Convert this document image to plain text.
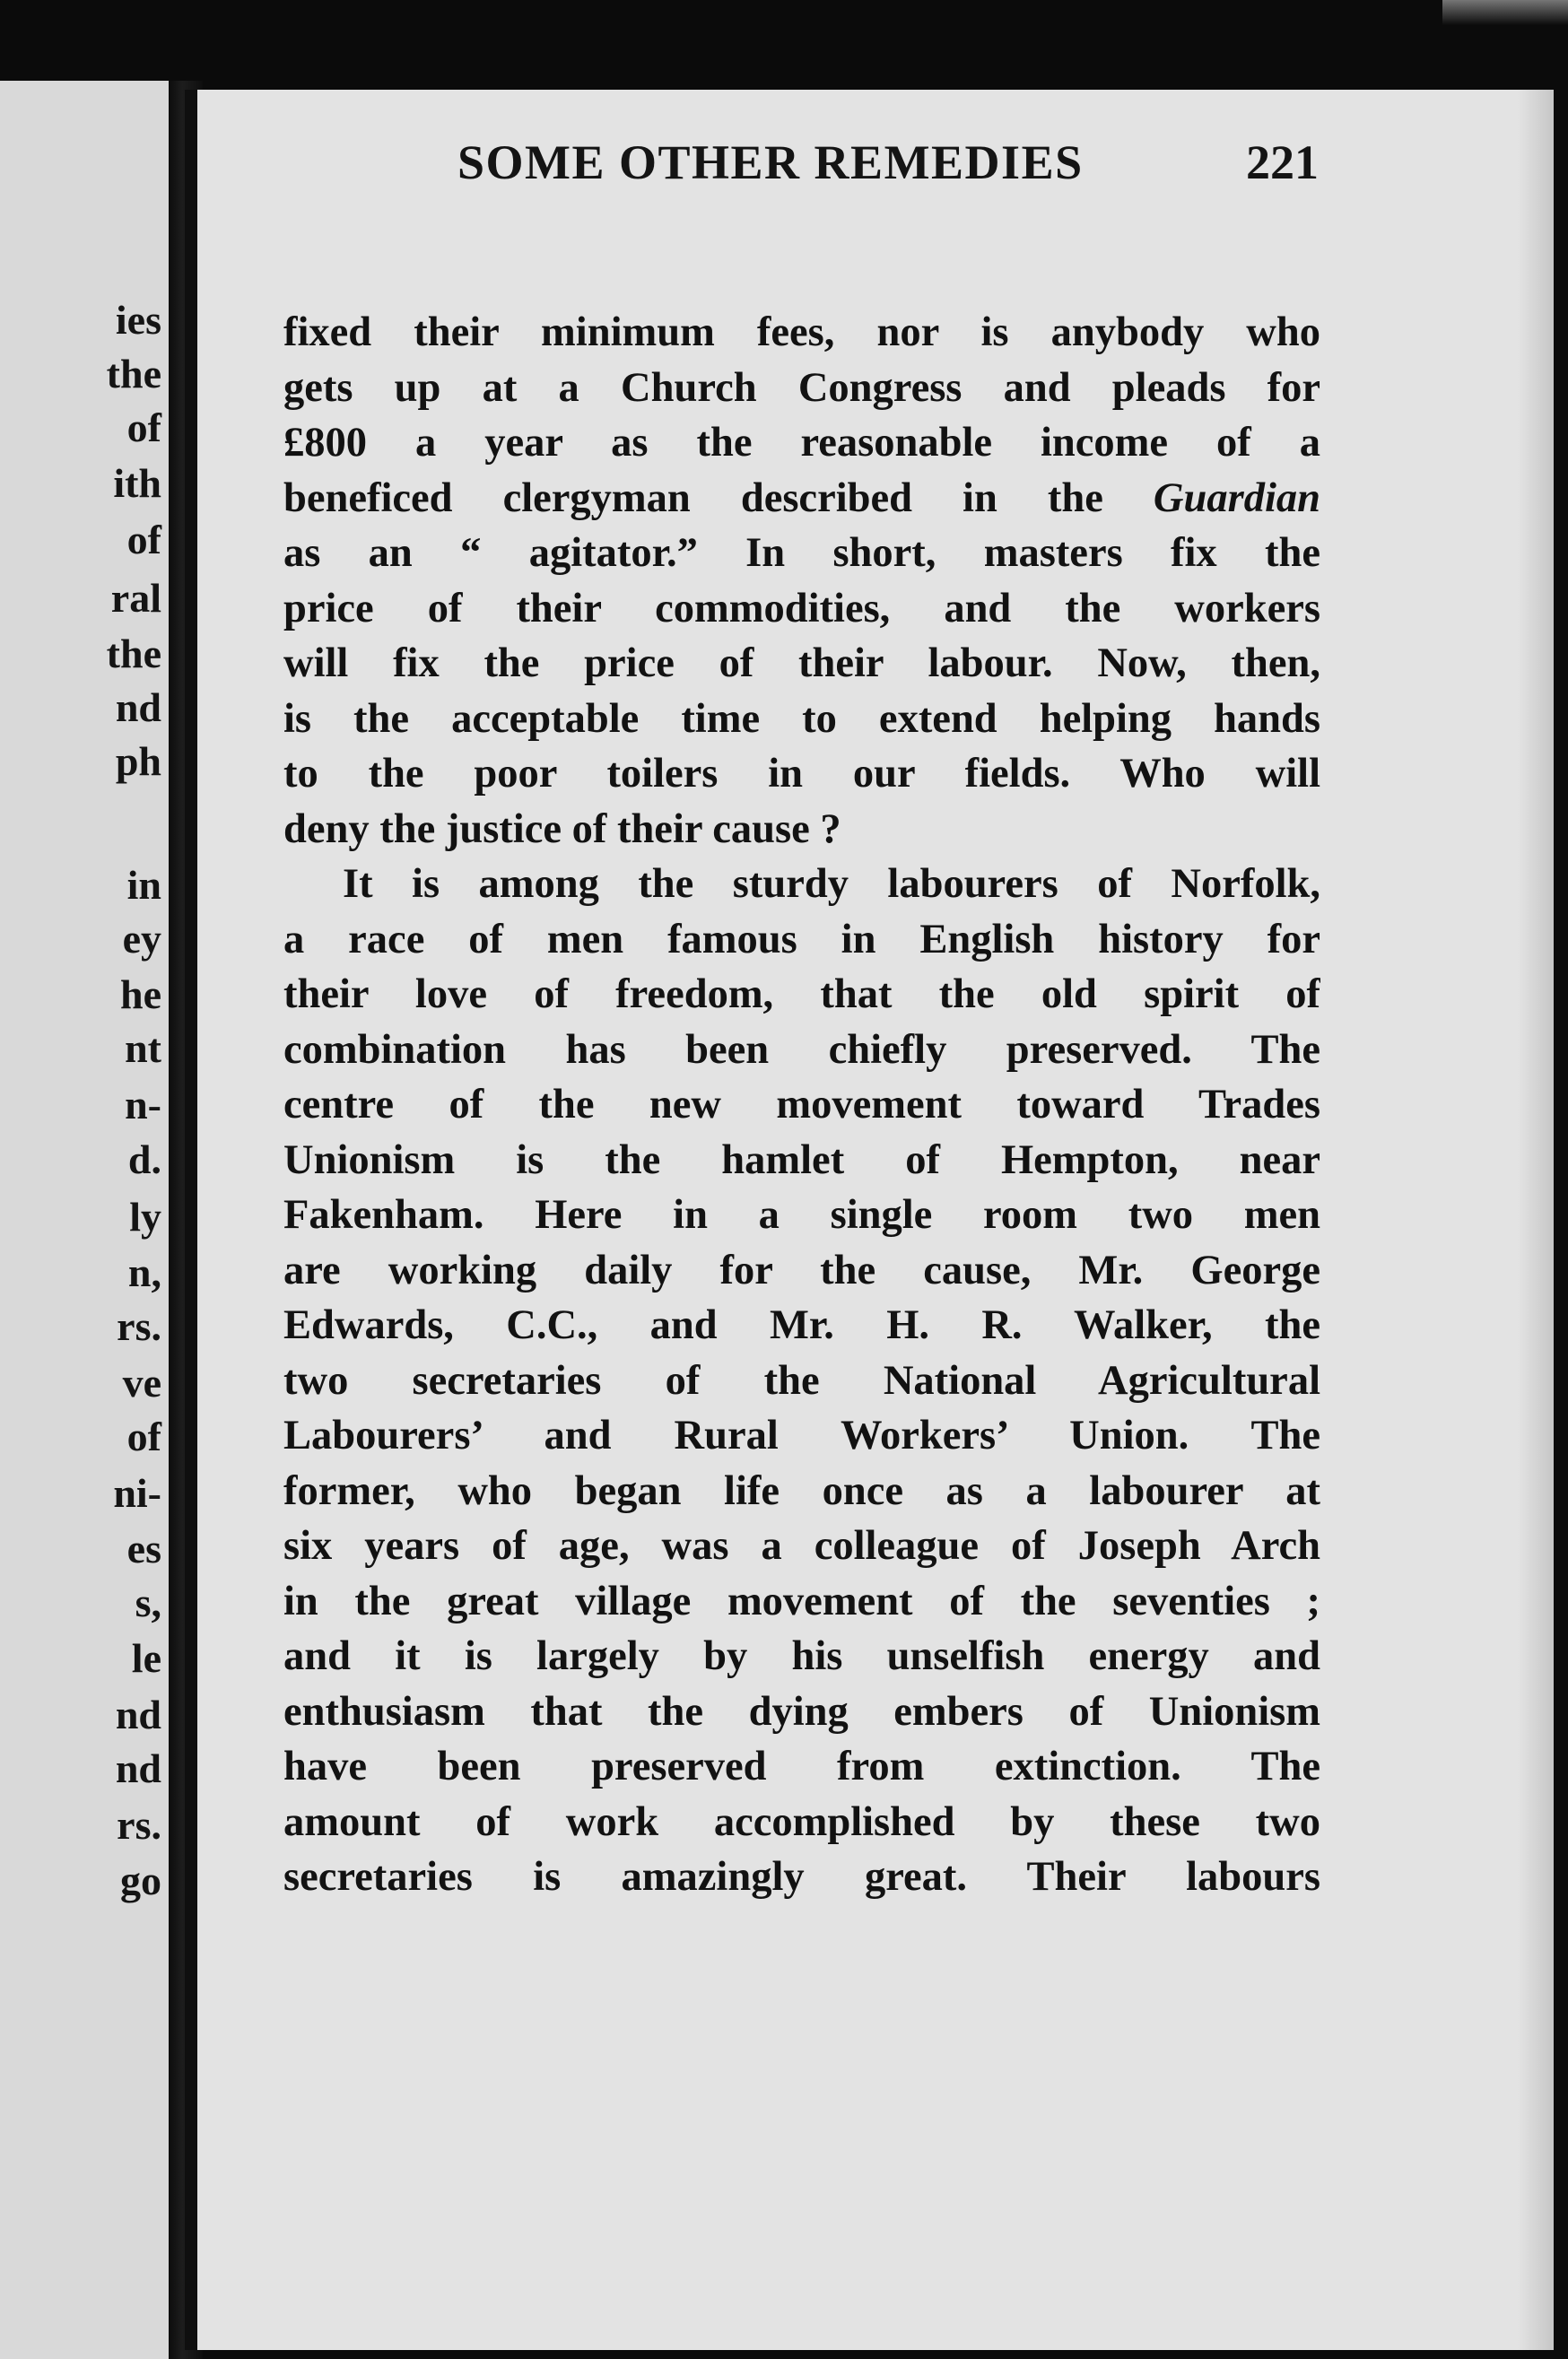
ies

the

of

ith

of

ral

the

nd

ph

in

ey

he

nt

n-

d.

ly

n,

rs.

ve

of

ni-

es

s,

le

nd

nd

rs.

go

SOME OTHER REMEDIES	221

fixed their minimum fees, nor is anybody who

gets up at a Church Congress and pleads for

£800 a year as the reasonable income of a

beneficed clergyman described in the Guardian

as an “ agitator.” In short, masters fix the

price of their commodities, and the workers

will fix the price of their labour. Now, then,

is the acceptable time to extend helping hands

to the poor toilers in our fields. Who will

deny the justice of their cause ?

It is among the sturdy labourers of Norfolk,

a race of men famous in English history for

their love of freedom, that the old spirit of

combination has been chiefly preserved. The

centre of the new movement toward Trades

Unionism is the hamlet of Hempton, near

Fakenham. Here in a single room two men

are working daily for the cause, Mr. George

Edwards, C.C., and Mr. H. R. Walker, the

two secretaries of the National Agricultural

Labourers’ and Rural Workers’ Union. The

former, who began life once as a labourer at

six years of age, was a colleague of Joseph Arch

in the great village movement of the seventies ;

and it is largely by his unselfish energy and

enthusiasm that the dying embers of Unionism

have been preserved from extinction. The

amount of work accomplished by these two

secretaries is amazingly great. Their labours
